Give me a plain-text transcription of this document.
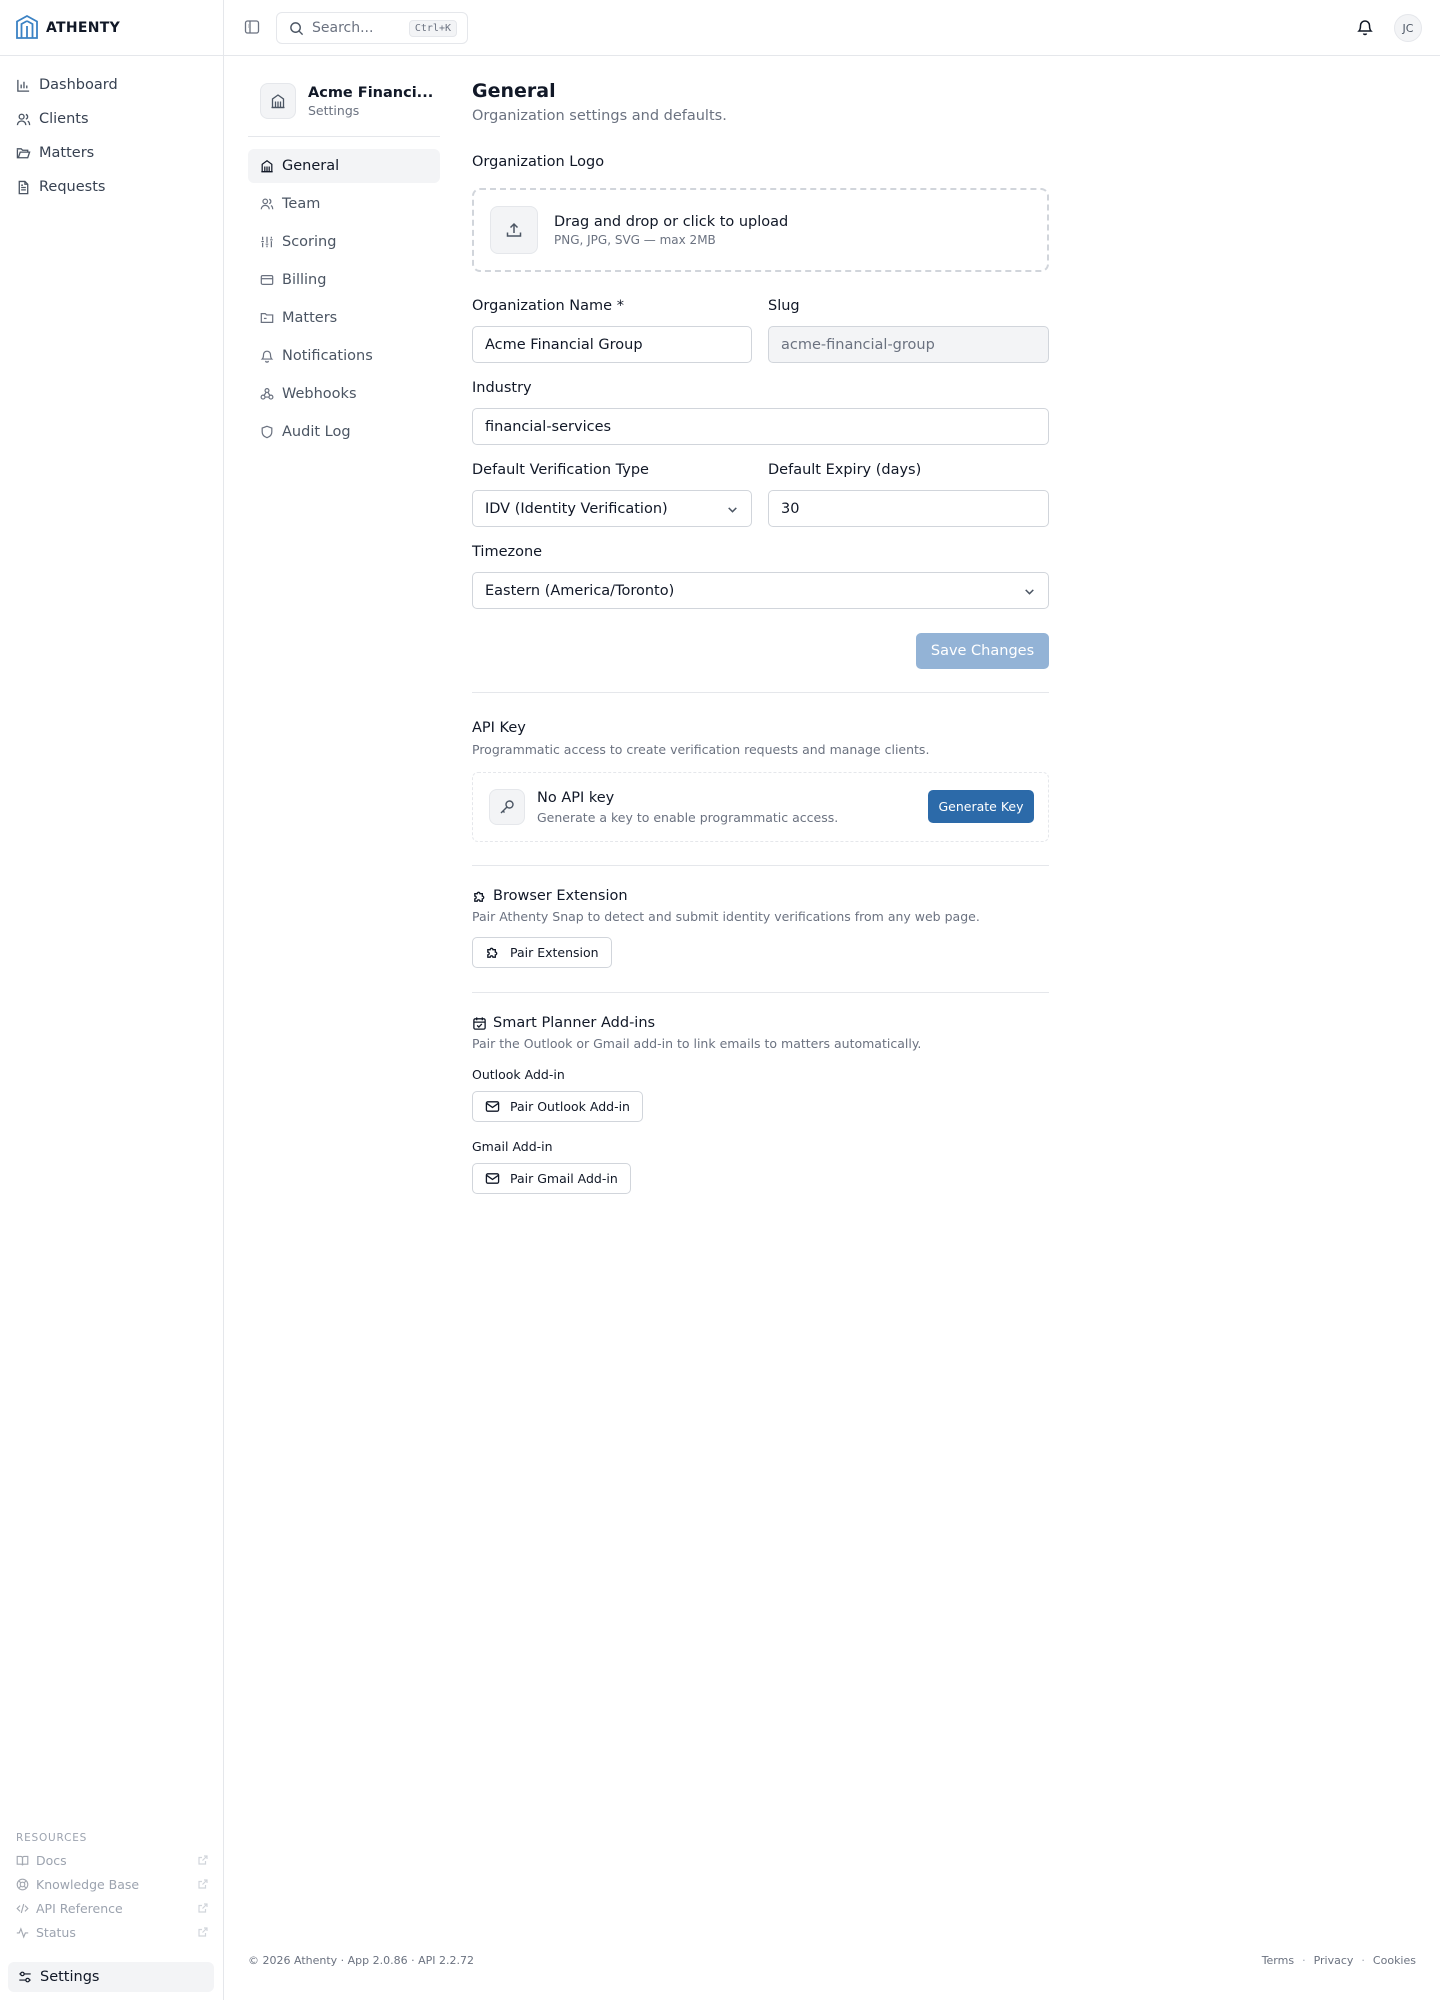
ATHENTY
Dashboard
Clients
Matters
Requests
RESOURCES
Docs
Knowledge Base
API Reference
Status
Settings
Search...	Ctrl+K	JC
Acme Financi...
Settings
General
Team
Scoring
Billing
Matters
Notifications
Webhooks
Audit Log
General
Organization settings and defaults.
Organization Logo
Drag and drop or click to upload
PNG, JPG, SVG — max 2MB
Organization Name *
Acme Financial Group
Slug
acme-financial-group
Industry
financial-services
Default Verification Type
IDV (Identity Verification)
Default Expiry (days)
30
Timezone
Eastern (America/Toronto)
Save Changes
API Key
Programmatic access to create verification requests and manage clients.
No API key
Generate a key to enable programmatic access.
Generate Key
Browser Extension
Pair Athenty Snap to detect and submit identity verifications from any web page.
Pair Extension
Smart Planner Add-ins
Pair the Outlook or Gmail add-in to link emails to matters automatically.
Outlook Add-in
Pair Outlook Add-in
Gmail Add-in
Pair Gmail Add-in
© 2026 Athenty · App 2.0.86 · API 2.2.72	Terms · Privacy · Cookies
